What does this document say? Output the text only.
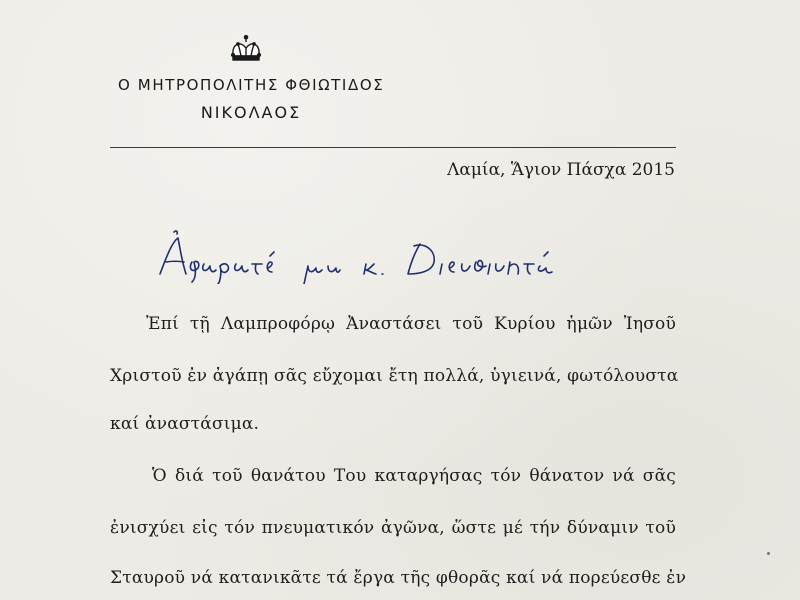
Ο ΜΗΤΡΟΠΟΛΙΤΗΣ ΦΘΙΩΤΙΔΟΣ
ΝΙΚΟΛΑΟΣ
Λαμία, Ἅγιον Πάσχα 2015
Ἐπί τῇ Λαμπροφόρῳ Ἀναστάσει τοῦ Κυρίου ἡμῶν Ἰησοῦ
Χριστοῦ ἐν ἀγάπῃ σᾶς εὔχομαι ἔτη πολλά, ὑγιεινά, φωτόλουστα
καί ἀναστάσιμα.
Ὁ διά τοῦ θανάτου Του καταργήσας τόν θάνατον νά σᾶς
ἐνισχύει εἰς τόν πνευματικόν ἀγῶνα, ὥστε μέ τήν δύναμιν τοῦ
Σταυροῦ νά κατανικᾶτε τά ἔργα τῆς φθορᾶς καί νά πορεύεσθε ἐν
